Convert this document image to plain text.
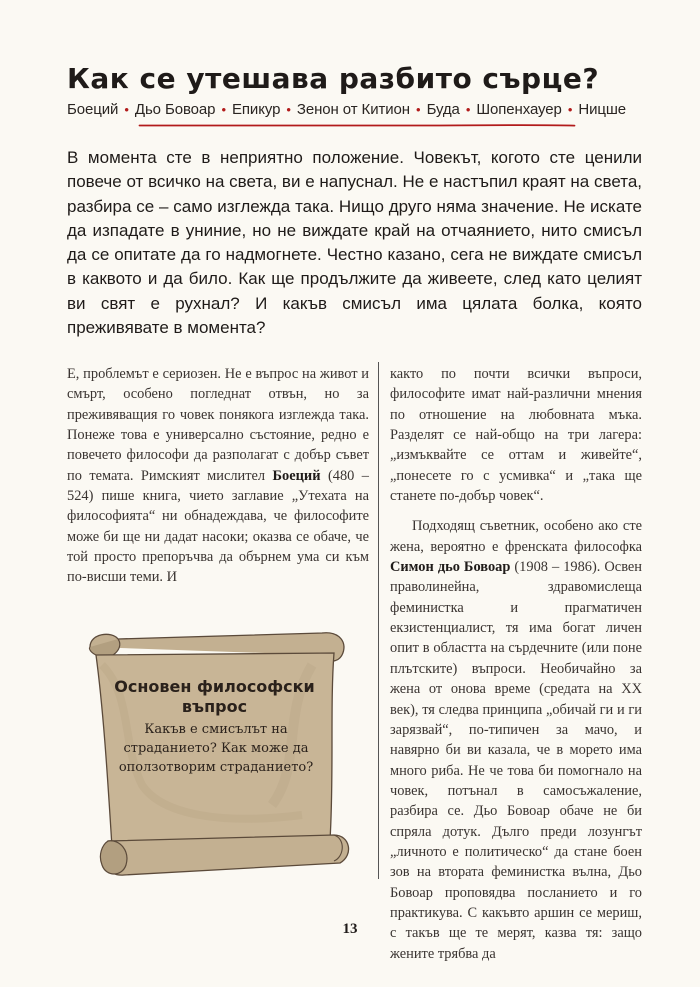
Как се утешава разбито сърце?
Боеций • Дьо Бовоар • Епикур • Зенон от Китион • Буда • Шопенхауер • Ницше

В момента сте в неприятно положение. Човекът, когото сте ценили повече от всичко на света, ви е напуснал. Не е настъпил краят на света, разбира се – само изглежда така. Нищо друго няма значение. Не искате да изпадате в униние, но не виждате край на отчаянието, нито смисъл да се опитате да го надмогнете. Честно казано, сега не виждате смисъл в каквото и да било. Как ще продължите да живеете, след като целият ви свят е рухнал? И какъв смисъл има цялата болка, която преживявате в момента?

Е, проблемът е сериозен. Не е въпрос на живот и смърт, особено погледнат отвън, но за преживяващия го човек понякога изглежда така. Понеже това е универсално състояние, редно е повечето философи да разполагат с добър съвет по темата. Римският мислител Боеций (480 – 524) пише книга, чието заглавие „Утехата на философията“ ни обнадеждава, че философите може би ще ни дадат насоки; оказва се обаче, че той просто препоръчва да обърнем ума си към по-висши теми. И

както по почти всички въпроси, философите имат най-различни мнения по отношение на любовната мъка. Разделят се най-общо на три лагера: „измъквайте се оттам и живейте“, „понесете го с усмивка“ и „така ще станете по-добър човек“.

Подходящ съветник, особено ако сте жена, вероятно е френската философка Симон дьо Бовоар (1908 – 1986). Освен праволинейна, здравомислеща феминистка и прагматичен екзистенциалист, тя има богат личен опит в областта на сърдечните (или поне плътските) въпроси. Необичайно за жена от онова време (средата на XX век), тя следва принципа „обичай ги и ги зарязвай“, по-типичен за мачо, и навярно би ви казала, че в морето има много риба. Не че това би помогнало на човек, потънал в самосъжаление, разбира се. Дьо Бовоар обаче не би спряла дотук. Дълго преди лозунгът „личното е политическо“ да стане боен зов на втората феминистка вълна, Дьо Бовоар проповядва посланието и го практикува. С какъвто аршин се мериш, с такъв ще те мерят, казва тя: защо жените трябва да

Основен философски
въпрос
Какъв е смисълът на страданието? Как може да оползотворим страданието?
13
